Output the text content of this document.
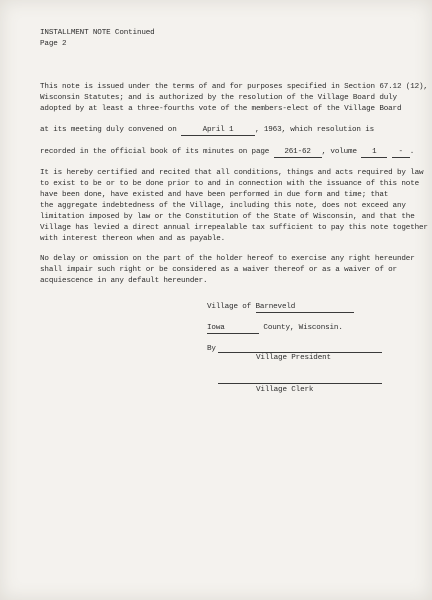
INSTALLMENT NOTE Continued
Page 2
This note is issued under the terms of and for purposes specified in Section 67.12 (12),
Wisconsin Statutes; and is authorized by the resolution of the Village Board duly
adopted by at least a three-fourths vote of the members-elect of the Village Board
at its meeting duly convened on	April 1	, 1963, which resolution is
recorded in the official book of its minutes on page 261-62 , volume 1	- .
It is hereby certified and recited that all conditions, things and acts required by law
to exist to be or to be done prior to and in connection with the issuance of this note
have been done, have existed and have been performed in due form and time; that
the aggregate indebtedness of the Village, including this note, does not exceed any
limitation imposed by law or the Constitution of the State of Wisconsin, and that the
Village has levied a direct annual irrepealable tax sufficient to pay this note together
with interest thereon when and as payable.
No delay or omission on the part of the holder hereof to exercise any right hereunder
shall impair such right or be considered as a waiver thereof or as a waiver of or
acquiescence in any default hereunder.
Village of Barneveld
Iowa	County, Wisconsin.
By
Village President
Village Clerk
